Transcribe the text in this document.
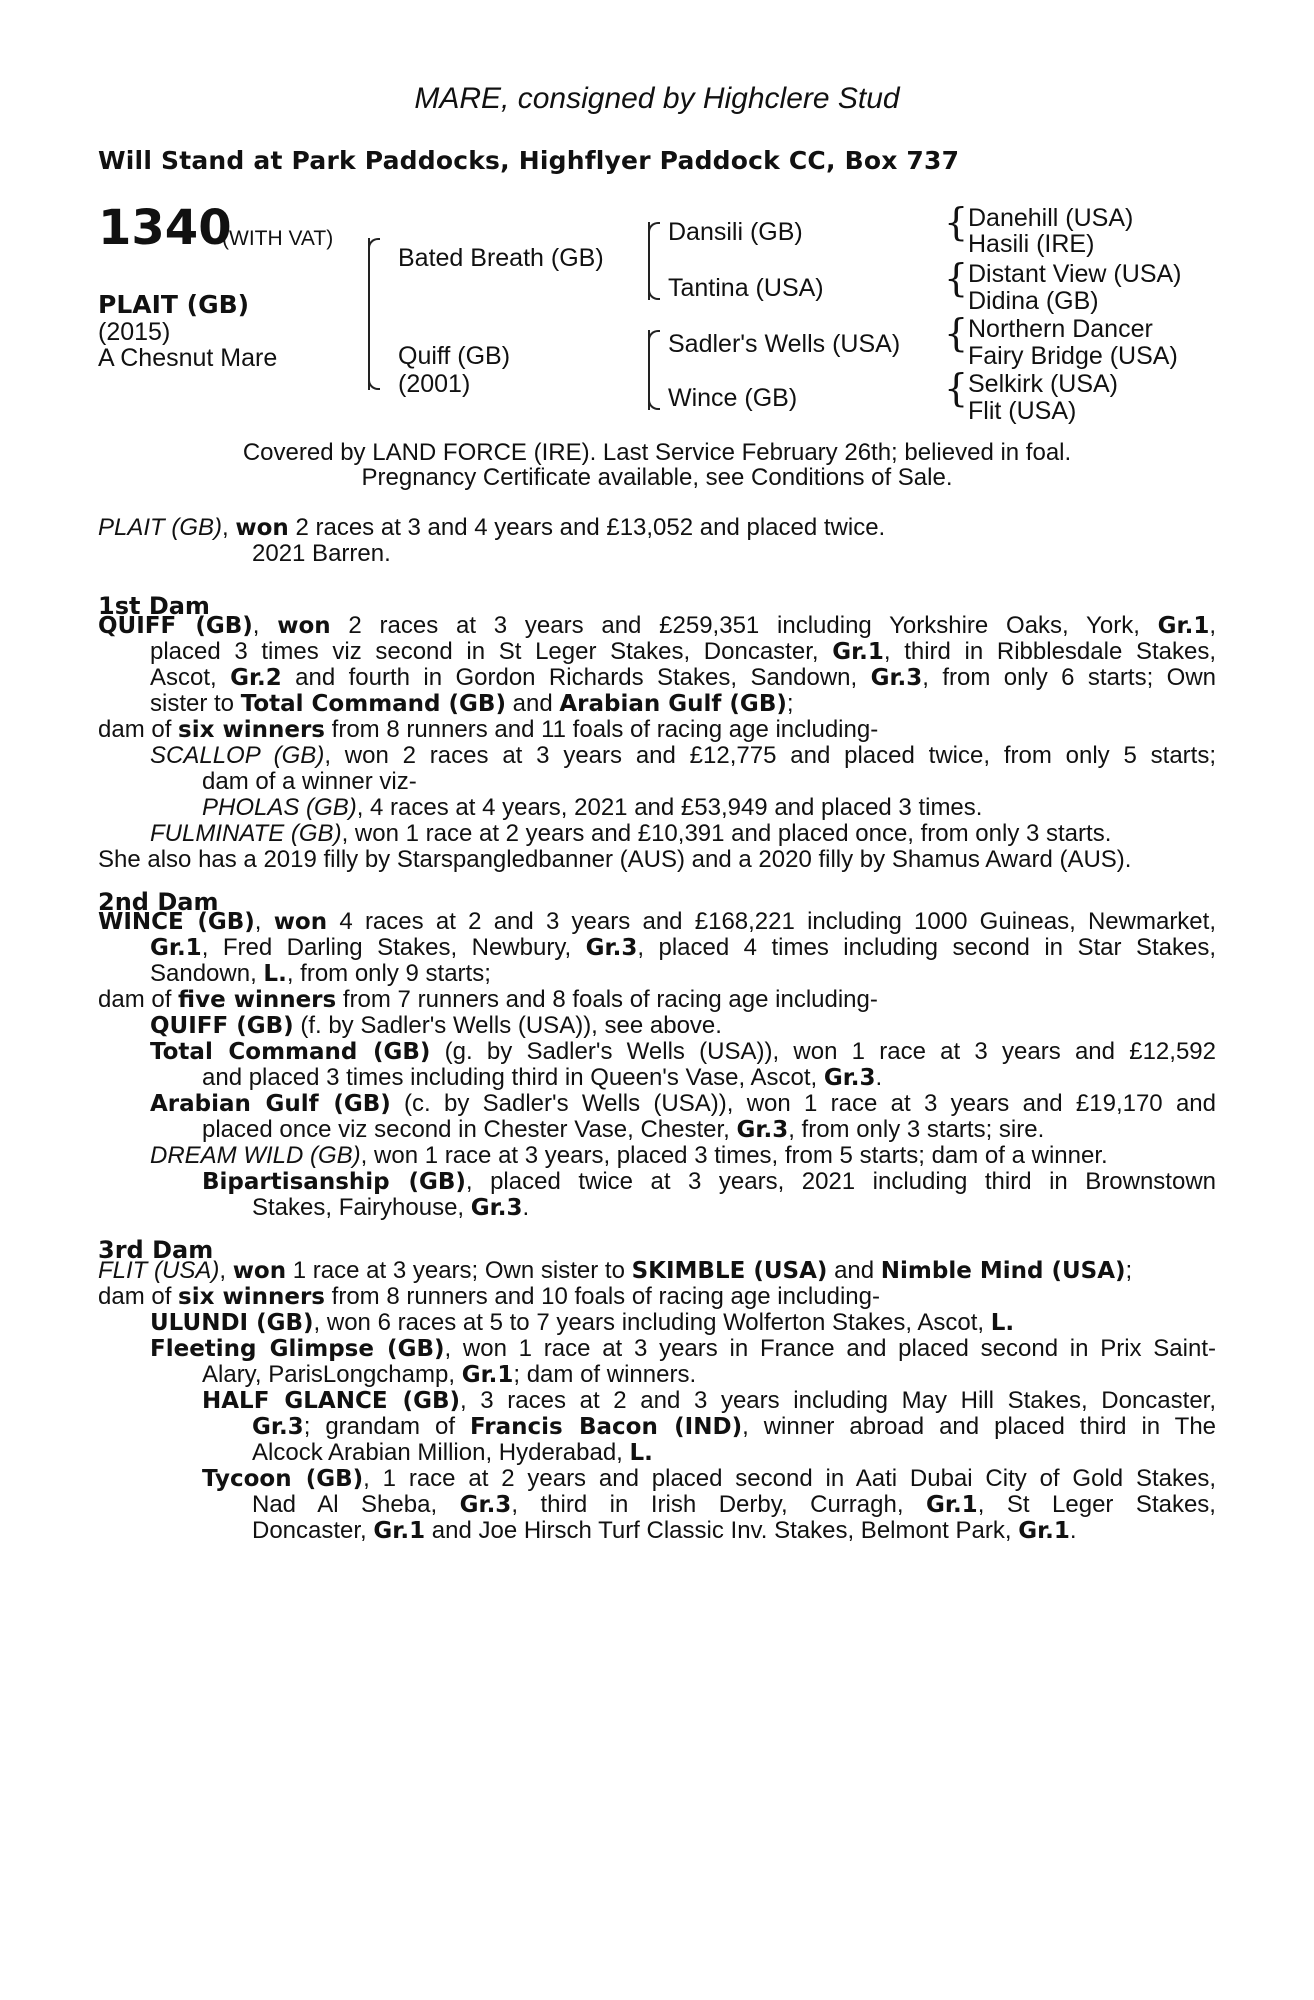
MARE, consigned by Highclere Stud
Will Stand at Park Paddocks, Highflyer Paddock CC, Box 737
1340
(WITH VAT)
PLAIT (GB)
(2015)
A Chesnut Mare
Bated Breath (GB)
Quiff (GB)
(2001)
Dansili (GB)
Tantina (USA)
Sadler's Wells (USA)
Wince (GB)
{ Danehill (USA)
Hasili (IRE)
{ Distant View (USA)
Didina (GB)
{ Northern Dancer
Fairy Bridge (USA)
{ Selkirk (USA)
Flit (USA)
Covered by LAND FORCE (IRE). Last Service February 26th; believed in foal.
Pregnancy Certificate available, see Conditions of Sale.
PLAIT (GB), won 2 races at 3 and 4 years and £13,052 and placed twice.
2021 Barren.
1st Dam
QUIFF (GB), won 2 races at 3 years and £259,351 including Yorkshire Oaks, York, Gr.1,
placed 3 times viz second in St Leger Stakes, Doncaster, Gr.1, third in Ribblesdale Stakes,
Ascot, Gr.2 and fourth in Gordon Richards Stakes, Sandown, Gr.3, from only 6 starts; Own
sister to Total Command (GB) and Arabian Gulf (GB);
dam of six winners from 8 runners and 11 foals of racing age including-
SCALLOP (GB), won 2 races at 3 years and £12,775 and placed twice, from only 5 starts;
dam of a winner viz-
PHOLAS (GB), 4 races at 4 years, 2021 and £53,949 and placed 3 times.
FULMINATE (GB), won 1 race at 2 years and £10,391 and placed once, from only 3 starts.
She also has a 2019 filly by Starspangledbanner (AUS) and a 2020 filly by Shamus Award (AUS).
2nd Dam
WINCE (GB), won 4 races at 2 and 3 years and £168,221 including 1000 Guineas, Newmarket,
Gr.1, Fred Darling Stakes, Newbury, Gr.3, placed 4 times including second in Star Stakes,
Sandown, L., from only 9 starts;
dam of five winners from 7 runners and 8 foals of racing age including-
QUIFF (GB) (f. by Sadler's Wells (USA)), see above.
Total Command (GB) (g. by Sadler's Wells (USA)), won 1 race at 3 years and £12,592
and placed 3 times including third in Queen's Vase, Ascot, Gr.3.
Arabian Gulf (GB) (c. by Sadler's Wells (USA)), won 1 race at 3 years and £19,170 and
placed once viz second in Chester Vase, Chester, Gr.3, from only 3 starts; sire.
DREAM WILD (GB), won 1 race at 3 years, placed 3 times, from 5 starts; dam of a winner.
Bipartisanship (GB), placed twice at 3 years, 2021 including third in Brownstown
Stakes, Fairyhouse, Gr.3.
3rd Dam
FLIT (USA), won 1 race at 3 years; Own sister to SKIMBLE (USA) and Nimble Mind (USA);
dam of six winners from 8 runners and 10 foals of racing age including-
ULUNDI (GB), won 6 races at 5 to 7 years including Wolferton Stakes, Ascot, L.
Fleeting Glimpse (GB), won 1 race at 3 years in France and placed second in Prix Saint-
Alary, ParisLongchamp, Gr.1; dam of winners.
HALF GLANCE (GB), 3 races at 2 and 3 years including May Hill Stakes, Doncaster,
Gr.3; grandam of Francis Bacon (IND), winner abroad and placed third in The
Alcock Arabian Million, Hyderabad, L.
Tycoon (GB), 1 race at 2 years and placed second in Aati Dubai City of Gold Stakes,
Nad Al Sheba, Gr.3, third in Irish Derby, Curragh, Gr.1, St Leger Stakes,
Doncaster, Gr.1 and Joe Hirsch Turf Classic Inv. Stakes, Belmont Park, Gr.1.
